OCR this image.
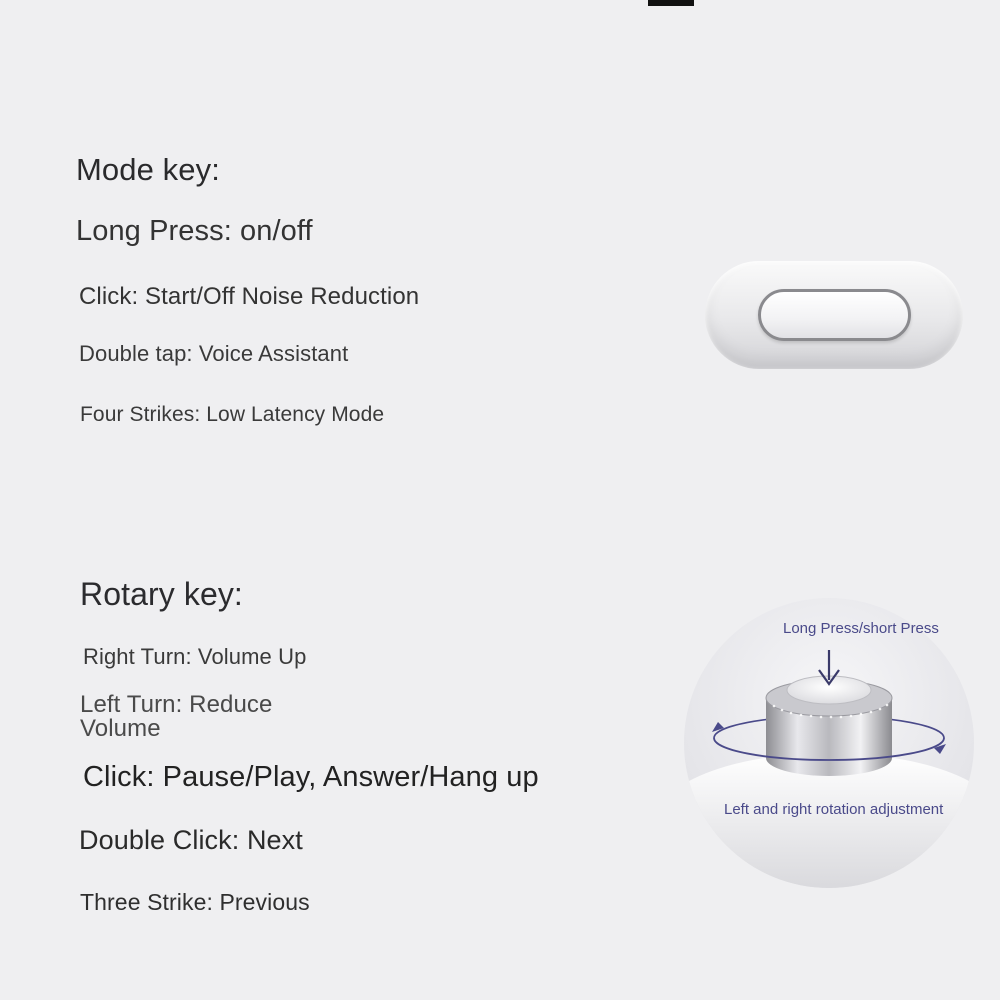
Mode key:
Long Press: on/off
Click: Start/Off Noise Reduction
Double tap: Voice Assistant
Four Strikes: Low Latency Mode
Rotary key:
Right Turn: Volume Up
Left Turn: Reduce Volume
Click: Pause/Play, Answer/Hang up
Double Click: Next
Three Strike: Previous
Long Press/short Press
Left and right rotation adjustment
